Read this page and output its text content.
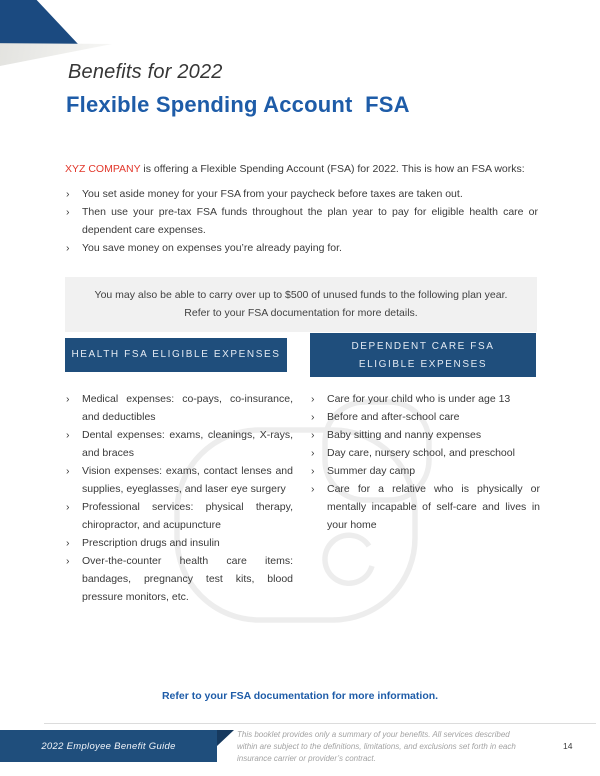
Benefits for 2022
Flexible Spending Account  FSA

XYZ COMPANY is offering a Flexible Spending Account (FSA) for 2022. This is how an FSA works:

› You set aside money for your FSA from your paycheck before taxes are taken out.
› Then use your pre-tax FSA funds throughout the plan year to pay for eligible health care or dependent care expenses.
› You save money on expenses you’re already paying for.
You may also be able to carry over up to $500 of unused funds to the following plan year.
Refer to your FSA documentation for more details.
HEALTH FSA ELIGIBLE EXPENSES
DEPENDENT CARE FSA
ELIGIBLE EXPENSES
› Medical expenses: co-pays, co-insurance, and deductibles
› Dental expenses: exams, cleanings, X-rays, and braces
› Vision expenses: exams, contact lenses and supplies, eyeglasses, and laser eye surgery
› Professional services: physical therapy, chiropractor, and acupuncture
› Prescription drugs and insulin
› Over-the-counter health care items: bandages, pregnancy test kits, blood pressure monitors, etc.
› Care for your child who is under age 13
› Before and after-school care
› Baby sitting and nanny expenses
› Day care, nursery school, and preschool
› Summer day camp
› Care for a relative who is physically or mentally incapable of self-care and lives in your home
Refer to your FSA documentation for more information.
2022 Employee Benefit Guide
This booklet provides only a summary of your benefits. All services described within are subject to the definitions, limitations, and exclusions set forth in each insurance carrier or provider’s contract.
14
